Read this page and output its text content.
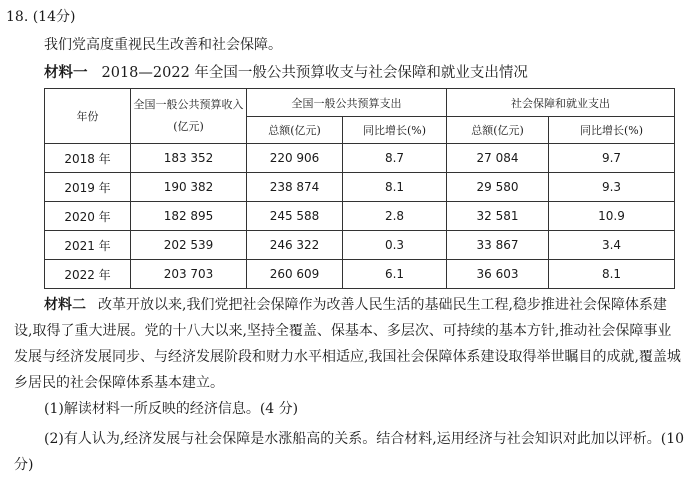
18. (14分)
我们党高度重视民生改善和社会保障。
材料一 2018—2022 年全国一般公共预算收支与社会保障和就业支出情况
年份	全国一般公共预算收入(亿元)	全国一般公共预算支出		社会保障和就业支出	
		总额(亿元)	同比增长(%)	总额(亿元)	同比增长(%)
2018 年	183 352	220 906	8.7	27 084	9.7
2019 年	190 382	238 874	8.1	29 580	9.3
2020 年	182 895	245 588	2.8	32 581	10.9
2021 年	202 539	246 322	0.3	33 867	3.4
2022 年	203 703	260 609	6.1	36 603	8.1
材料二 改革开放以来,我们党把社会保障作为改善人民生活的基础民生工程,稳步推进社会保障体系建设,取得了重大进展。党的十八大以来,坚持全覆盖、保基本、多层次、可持续的基本方针,推动社会保障事业发展与经济发展同步、与经济发展阶段和财力水平相适应,我国社会保障体系建设取得举世瞩目的成就,覆盖城乡居民的社会保障体系基本建立。
(1)解读材料一所反映的经济信息。(4 分)
(2)有人认为,经济发展与社会保障是水涨船高的关系。结合材料,运用经济与社会知识对此加以评析。(10 分)
